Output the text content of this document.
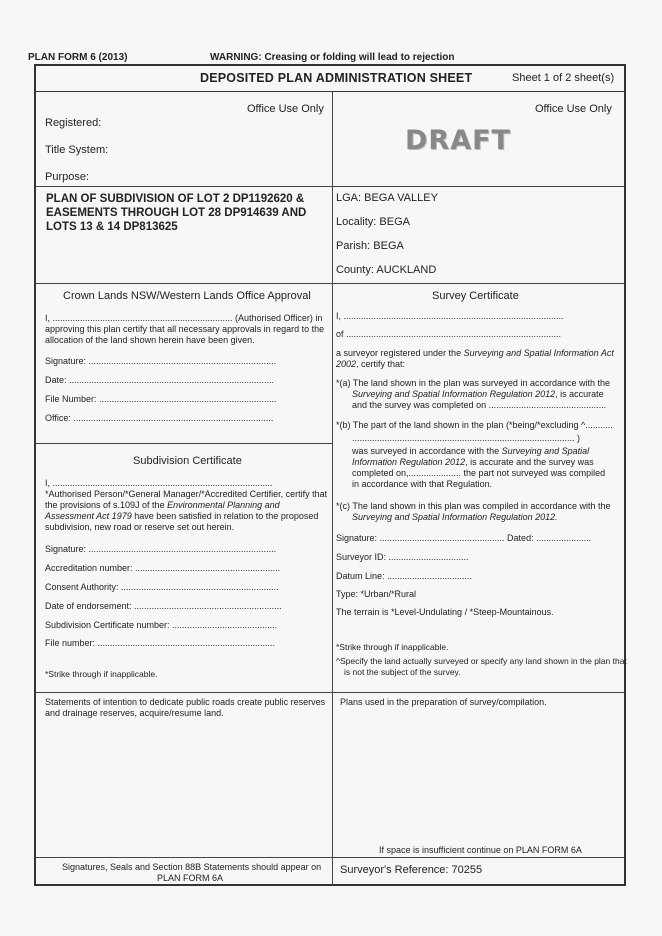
PLAN FORM 6 (2013)	WARNING: Creasing or folding will lead to rejection
DEPOSITED PLAN ADMINISTRATION SHEET	Sheet 1 of 2 sheet(s)
Office Use Only	Office Use Only
Registered:
Title System:
Purpose:
DRAFT
PLAN OF SUBDIVISION OF LOT 2 DP1192620 & EASEMENTS THROUGH LOT 28 DP914639 AND LOTS 13 & 14 DP813625
LGA: BEGA VALLEY
Locality: BEGA
Parish: BEGA
County: AUCKLAND
Crown Lands NSW/Western Lands Office Approval
I, ........................................................................ (Authorised Officer) in
approving this plan certify that all necessary approvals in regard to the
allocation of the land shown herein have been given.
Signature: ...........................................................................
Date: ..................................................................................
File Number: .......................................................................
Office: ................................................................................
Subdivision Certificate
I, ........................................................................................
*Authorised Person/*General Manager/*Accredited Certifier, certify that
the provisions of s.109J of the Environmental Planning and
Assessment Act 1979 have been satisfied in relation to the proposed
subdivision, new road or reserve set out herein.
Signature: ...........................................................................
Accreditation number: ..........................................................
Consent Authority: ...............................................................
Date of endorsement: ...........................................................
Subdivision Certificate number: ..........................................
File number: .......................................................................
*Strike through if inapplicable.
Survey Certificate
I, ........................................................................................
of ......................................................................................
a surveyor registered under the Surveying and Spatial Information Act
2002, certify that:
*(a) The land shown in the plan was surveyed in accordance with the
Surveying and Spatial Information Regulation 2012, is accurate
and the survey was completed on ...............................................
*(b) The part of the land shown in the plan (*being/*excluding ^...........
......................................................................................... )
was surveyed in accordance with the Surveying and Spatial
Information Regulation 2012, is accurate and the survey was
completed on,..................... the part not surveyed was compiled
in accordance with that Regulation.
*(c) The land shown in this plan was compiled in accordance with the
Surveying and Spatial Information Regulation 2012.
Signature: .................................................. Dated: ......................
Surveyor ID: ................................
Datum Line: ..................................
Type: *Urban/*Rural
The terrain is *Level-Undulating / *Steep-Mountainous.
*Strike through if inapplicable.
^Specify the land actually surveyed or specify any land shown in the plan that
is not the subject of the survey.
Statements of intention to dedicate public roads create public reserves
and drainage reserves, acquire/resume land.
Plans used in the preparation of survey/compilation.
If space is insufficient continue on PLAN FORM 6A
Signatures, Seals and Section 88B Statements should appear on
PLAN FORM 6A
Surveyor's Reference: 70255
